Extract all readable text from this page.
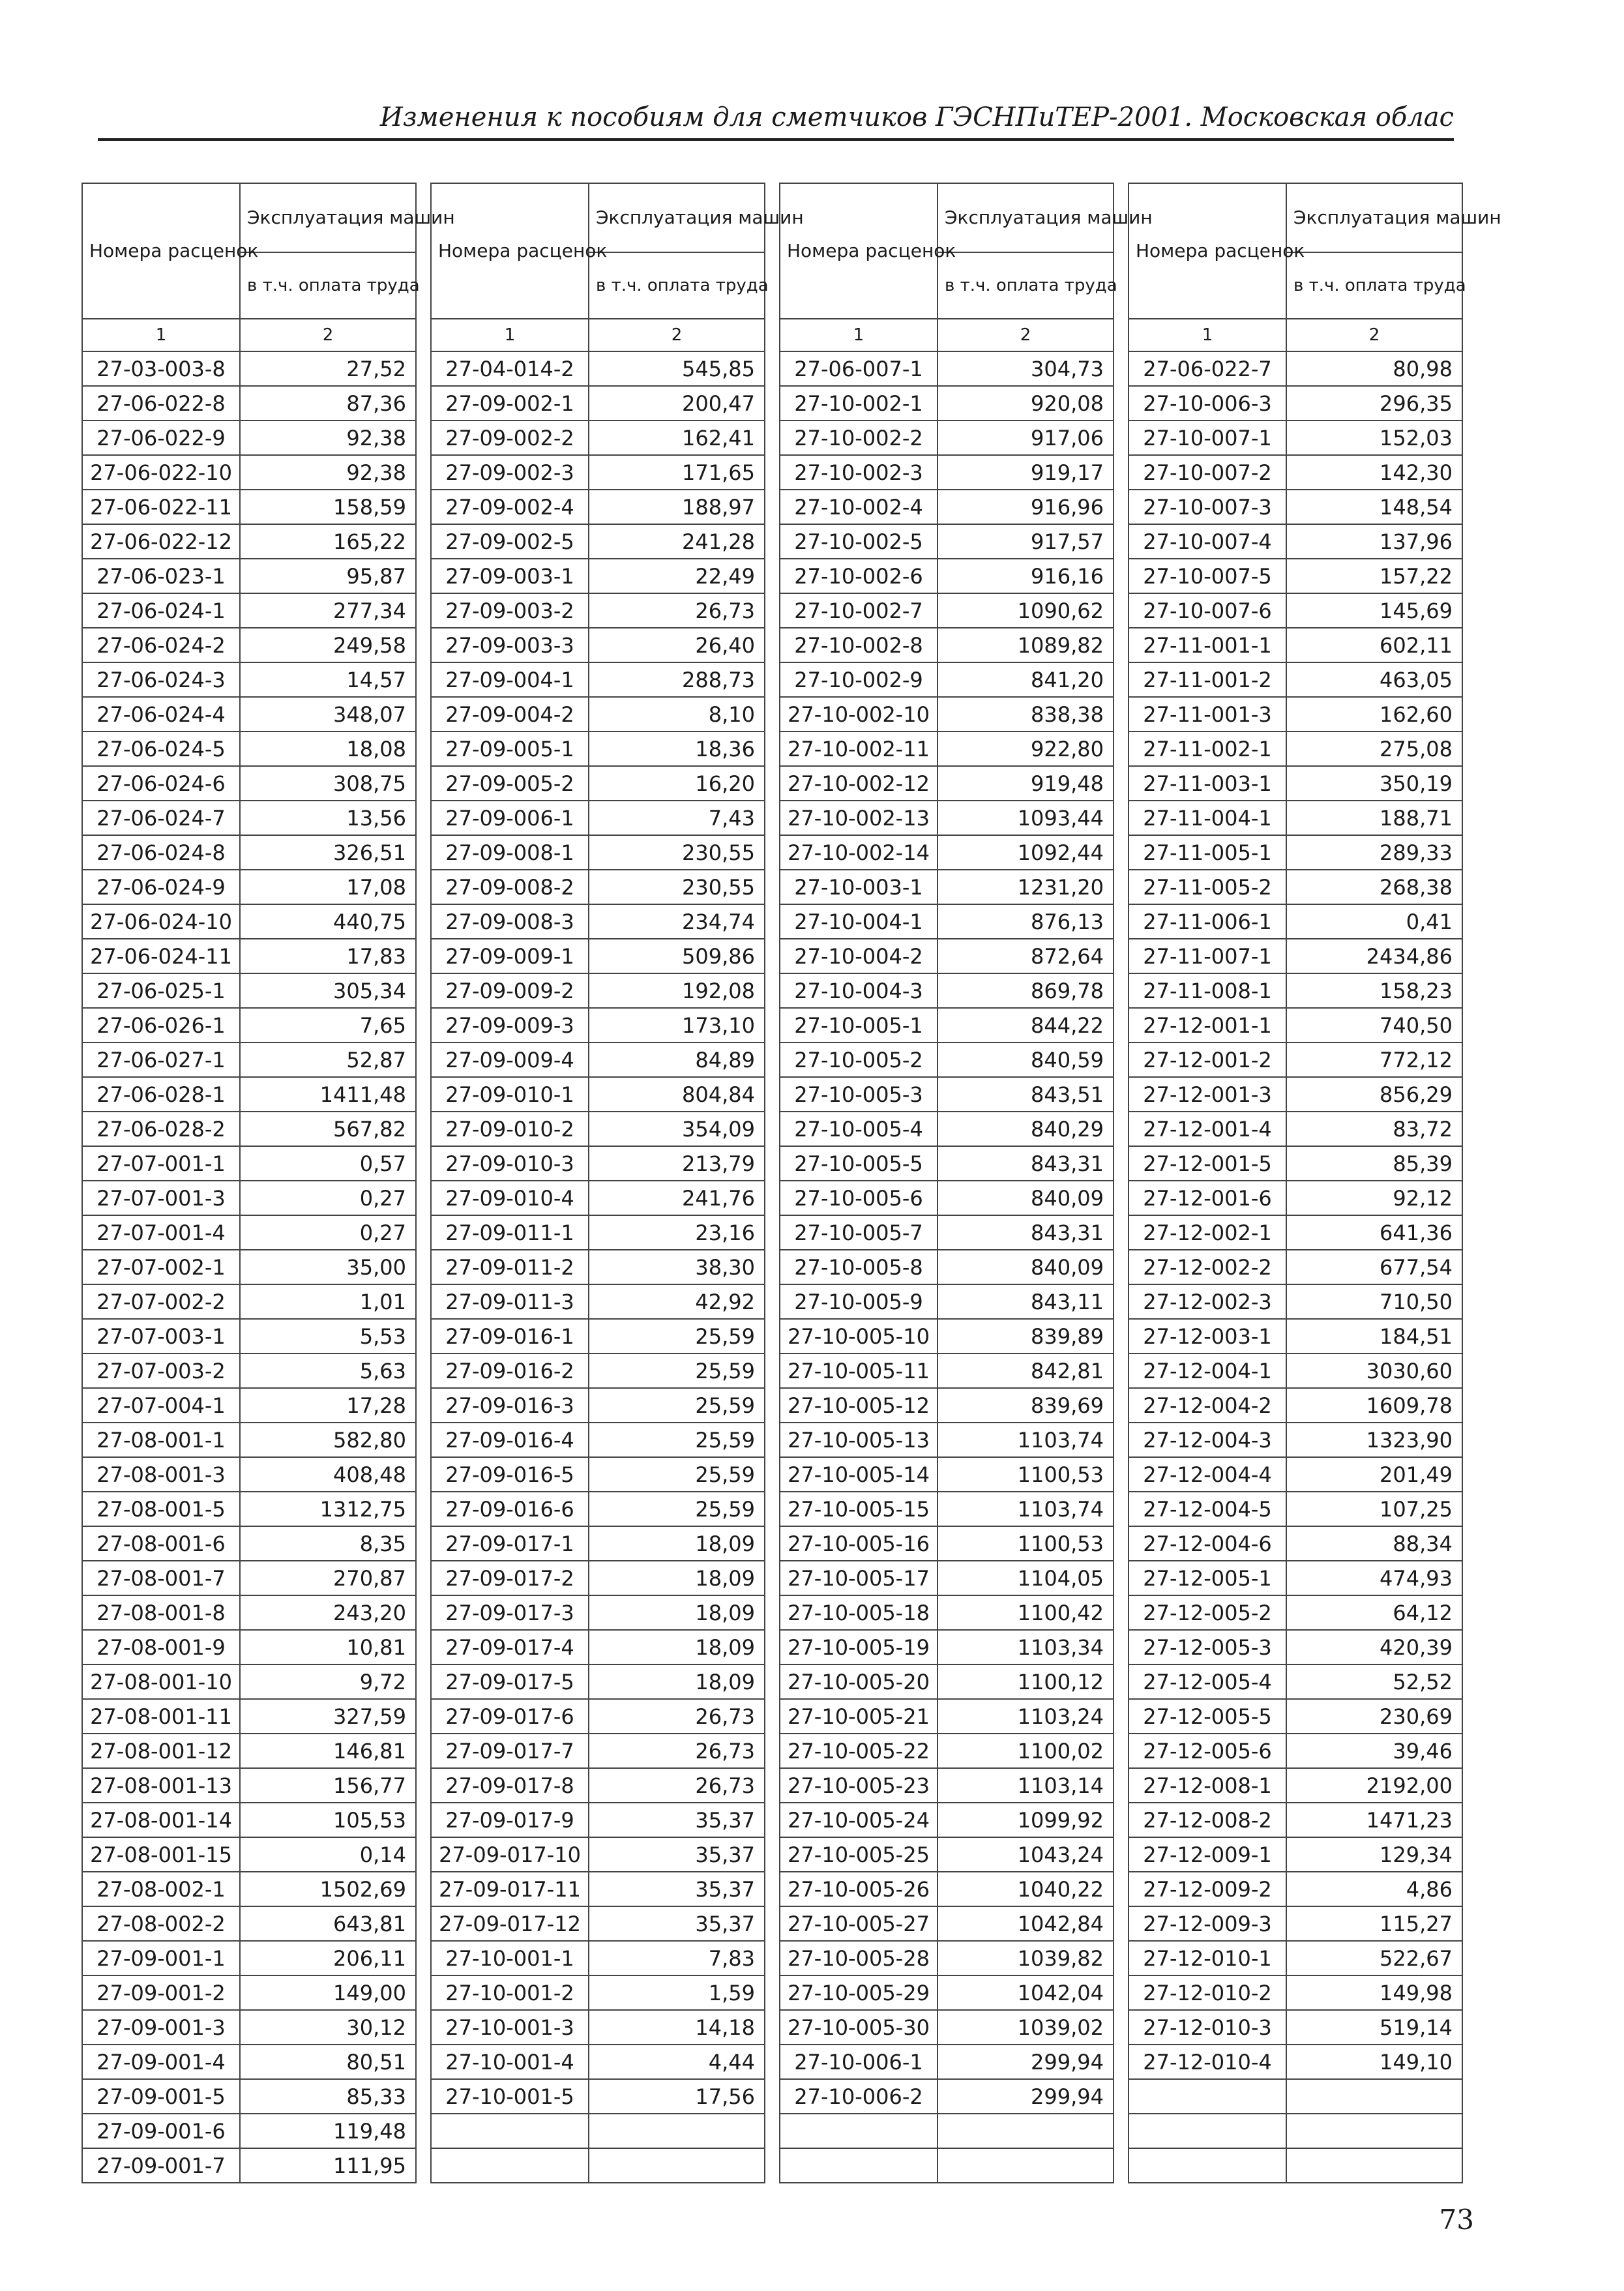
Изменения к пособиям для сметчиков ГЭСНПиТЕР-2001. Московская облас
Номера расценок	Эксплуатация машин
	в т.ч. оплата труда
1	2
27-03-003-8	27,52
27-06-022-8	87,36
27-06-022-9	92,38
27-06-022-10	92,38
27-06-022-11	158,59
27-06-022-12	165,22
27-06-023-1	95,87
27-06-024-1	277,34
27-06-024-2	249,58
27-06-024-3	14,57
27-06-024-4	348,07
27-06-024-5	18,08
27-06-024-6	308,75
27-06-024-7	13,56
27-06-024-8	326,51
27-06-024-9	17,08
27-06-024-10	440,75
27-06-024-11	17,83
27-06-025-1	305,34
27-06-026-1	7,65
27-06-027-1	52,87
27-06-028-1	1411,48
27-06-028-2	567,82
27-07-001-1	0,57
27-07-001-3	0,27
27-07-001-4	0,27
27-07-002-1	35,00
27-07-002-2	1,01
27-07-003-1	5,53
27-07-003-2	5,63
27-07-004-1	17,28
27-08-001-1	582,80
27-08-001-3	408,48
27-08-001-5	1312,75
27-08-001-6	8,35
27-08-001-7	270,87
27-08-001-8	243,20
27-08-001-9	10,81
27-08-001-10	9,72
27-08-001-11	327,59
27-08-001-12	146,81
27-08-001-13	156,77
27-08-001-14	105,53
27-08-001-15	0,14
27-08-002-1	1502,69
27-08-002-2	643,81
27-09-001-1	206,11
27-09-001-2	149,00
27-09-001-3	30,12
27-09-001-4	80,51
27-09-001-5	85,33
27-09-001-6	119,48
27-09-001-7	111,95
Номера расценок	Эксплуатация машин
	в т.ч. оплата труда
1	2
27-04-014-2	545,85
27-09-002-1	200,47
27-09-002-2	162,41
27-09-002-3	171,65
27-09-002-4	188,97
27-09-002-5	241,28
27-09-003-1	22,49
27-09-003-2	26,73
27-09-003-3	26,40
27-09-004-1	288,73
27-09-004-2	8,10
27-09-005-1	18,36
27-09-005-2	16,20
27-09-006-1	7,43
27-09-008-1	230,55
27-09-008-2	230,55
27-09-008-3	234,74
27-09-009-1	509,86
27-09-009-2	192,08
27-09-009-3	173,10
27-09-009-4	84,89
27-09-010-1	804,84
27-09-010-2	354,09
27-09-010-3	213,79
27-09-010-4	241,76
27-09-011-1	23,16
27-09-011-2	38,30
27-09-011-3	42,92
27-09-016-1	25,59
27-09-016-2	25,59
27-09-016-3	25,59
27-09-016-4	25,59
27-09-016-5	25,59
27-09-016-6	25,59
27-09-017-1	18,09
27-09-017-2	18,09
27-09-017-3	18,09
27-09-017-4	18,09
27-09-017-5	18,09
27-09-017-6	26,73
27-09-017-7	26,73
27-09-017-8	26,73
27-09-017-9	35,37
27-09-017-10	35,37
27-09-017-11	35,37
27-09-017-12	35,37
27-10-001-1	7,83
27-10-001-2	1,59
27-10-001-3	14,18
27-10-001-4	4,44
27-10-001-5	17,56

Номера расценок	Эксплуатация машин
	в т.ч. оплата труда
1	2
27-06-007-1	304,73
27-10-002-1	920,08
27-10-002-2	917,06
27-10-002-3	919,17
27-10-002-4	916,96
27-10-002-5	917,57
27-10-002-6	916,16
27-10-002-7	1090,62
27-10-002-8	1089,82
27-10-002-9	841,20
27-10-002-10	838,38
27-10-002-11	922,80
27-10-002-12	919,48
27-10-002-13	1093,44
27-10-002-14	1092,44
27-10-003-1	1231,20
27-10-004-1	876,13
27-10-004-2	872,64
27-10-004-3	869,78
27-10-005-1	844,22
27-10-005-2	840,59
27-10-005-3	843,51
27-10-005-4	840,29
27-10-005-5	843,31
27-10-005-6	840,09
27-10-005-7	843,31
27-10-005-8	840,09
27-10-005-9	843,11
27-10-005-10	839,89
27-10-005-11	842,81
27-10-005-12	839,69
27-10-005-13	1103,74
27-10-005-14	1100,53
27-10-005-15	1103,74
27-10-005-16	1100,53
27-10-005-17	1104,05
27-10-005-18	1100,42
27-10-005-19	1103,34
27-10-005-20	1100,12
27-10-005-21	1103,24
27-10-005-22	1100,02
27-10-005-23	1103,14
27-10-005-24	1099,92
27-10-005-25	1043,24
27-10-005-26	1040,22
27-10-005-27	1042,84
27-10-005-28	1039,82
27-10-005-29	1042,04
27-10-005-30	1039,02
27-10-006-1	299,94
27-10-006-2	299,94

Номера расценок	Эксплуатация машин
	в т.ч. оплата труда
1	2
27-06-022-7	80,98
27-10-006-3	296,35
27-10-007-1	152,03
27-10-007-2	142,30
27-10-007-3	148,54
27-10-007-4	137,96
27-10-007-5	157,22
27-10-007-6	145,69
27-11-001-1	602,11
27-11-001-2	463,05
27-11-001-3	162,60
27-11-002-1	275,08
27-11-003-1	350,19
27-11-004-1	188,71
27-11-005-1	289,33
27-11-005-2	268,38
27-11-006-1	0,41
27-11-007-1	2434,86
27-11-008-1	158,23
27-12-001-1	740,50
27-12-001-2	772,12
27-12-001-3	856,29
27-12-001-4	83,72
27-12-001-5	85,39
27-12-001-6	92,12
27-12-002-1	641,36
27-12-002-2	677,54
27-12-002-3	710,50
27-12-003-1	184,51
27-12-004-1	3030,60
27-12-004-2	1609,78
27-12-004-3	1323,90
27-12-004-4	201,49
27-12-004-5	107,25
27-12-004-6	88,34
27-12-005-1	474,93
27-12-005-2	64,12
27-12-005-3	420,39
27-12-005-4	52,52
27-12-005-5	230,69
27-12-005-6	39,46
27-12-008-1	2192,00
27-12-008-2	1471,23
27-12-009-1	129,34
27-12-009-2	4,86
27-12-009-3	115,27
27-12-010-1	522,67
27-12-010-2	149,98
27-12-010-3	519,14
27-12-010-4	149,10

73
